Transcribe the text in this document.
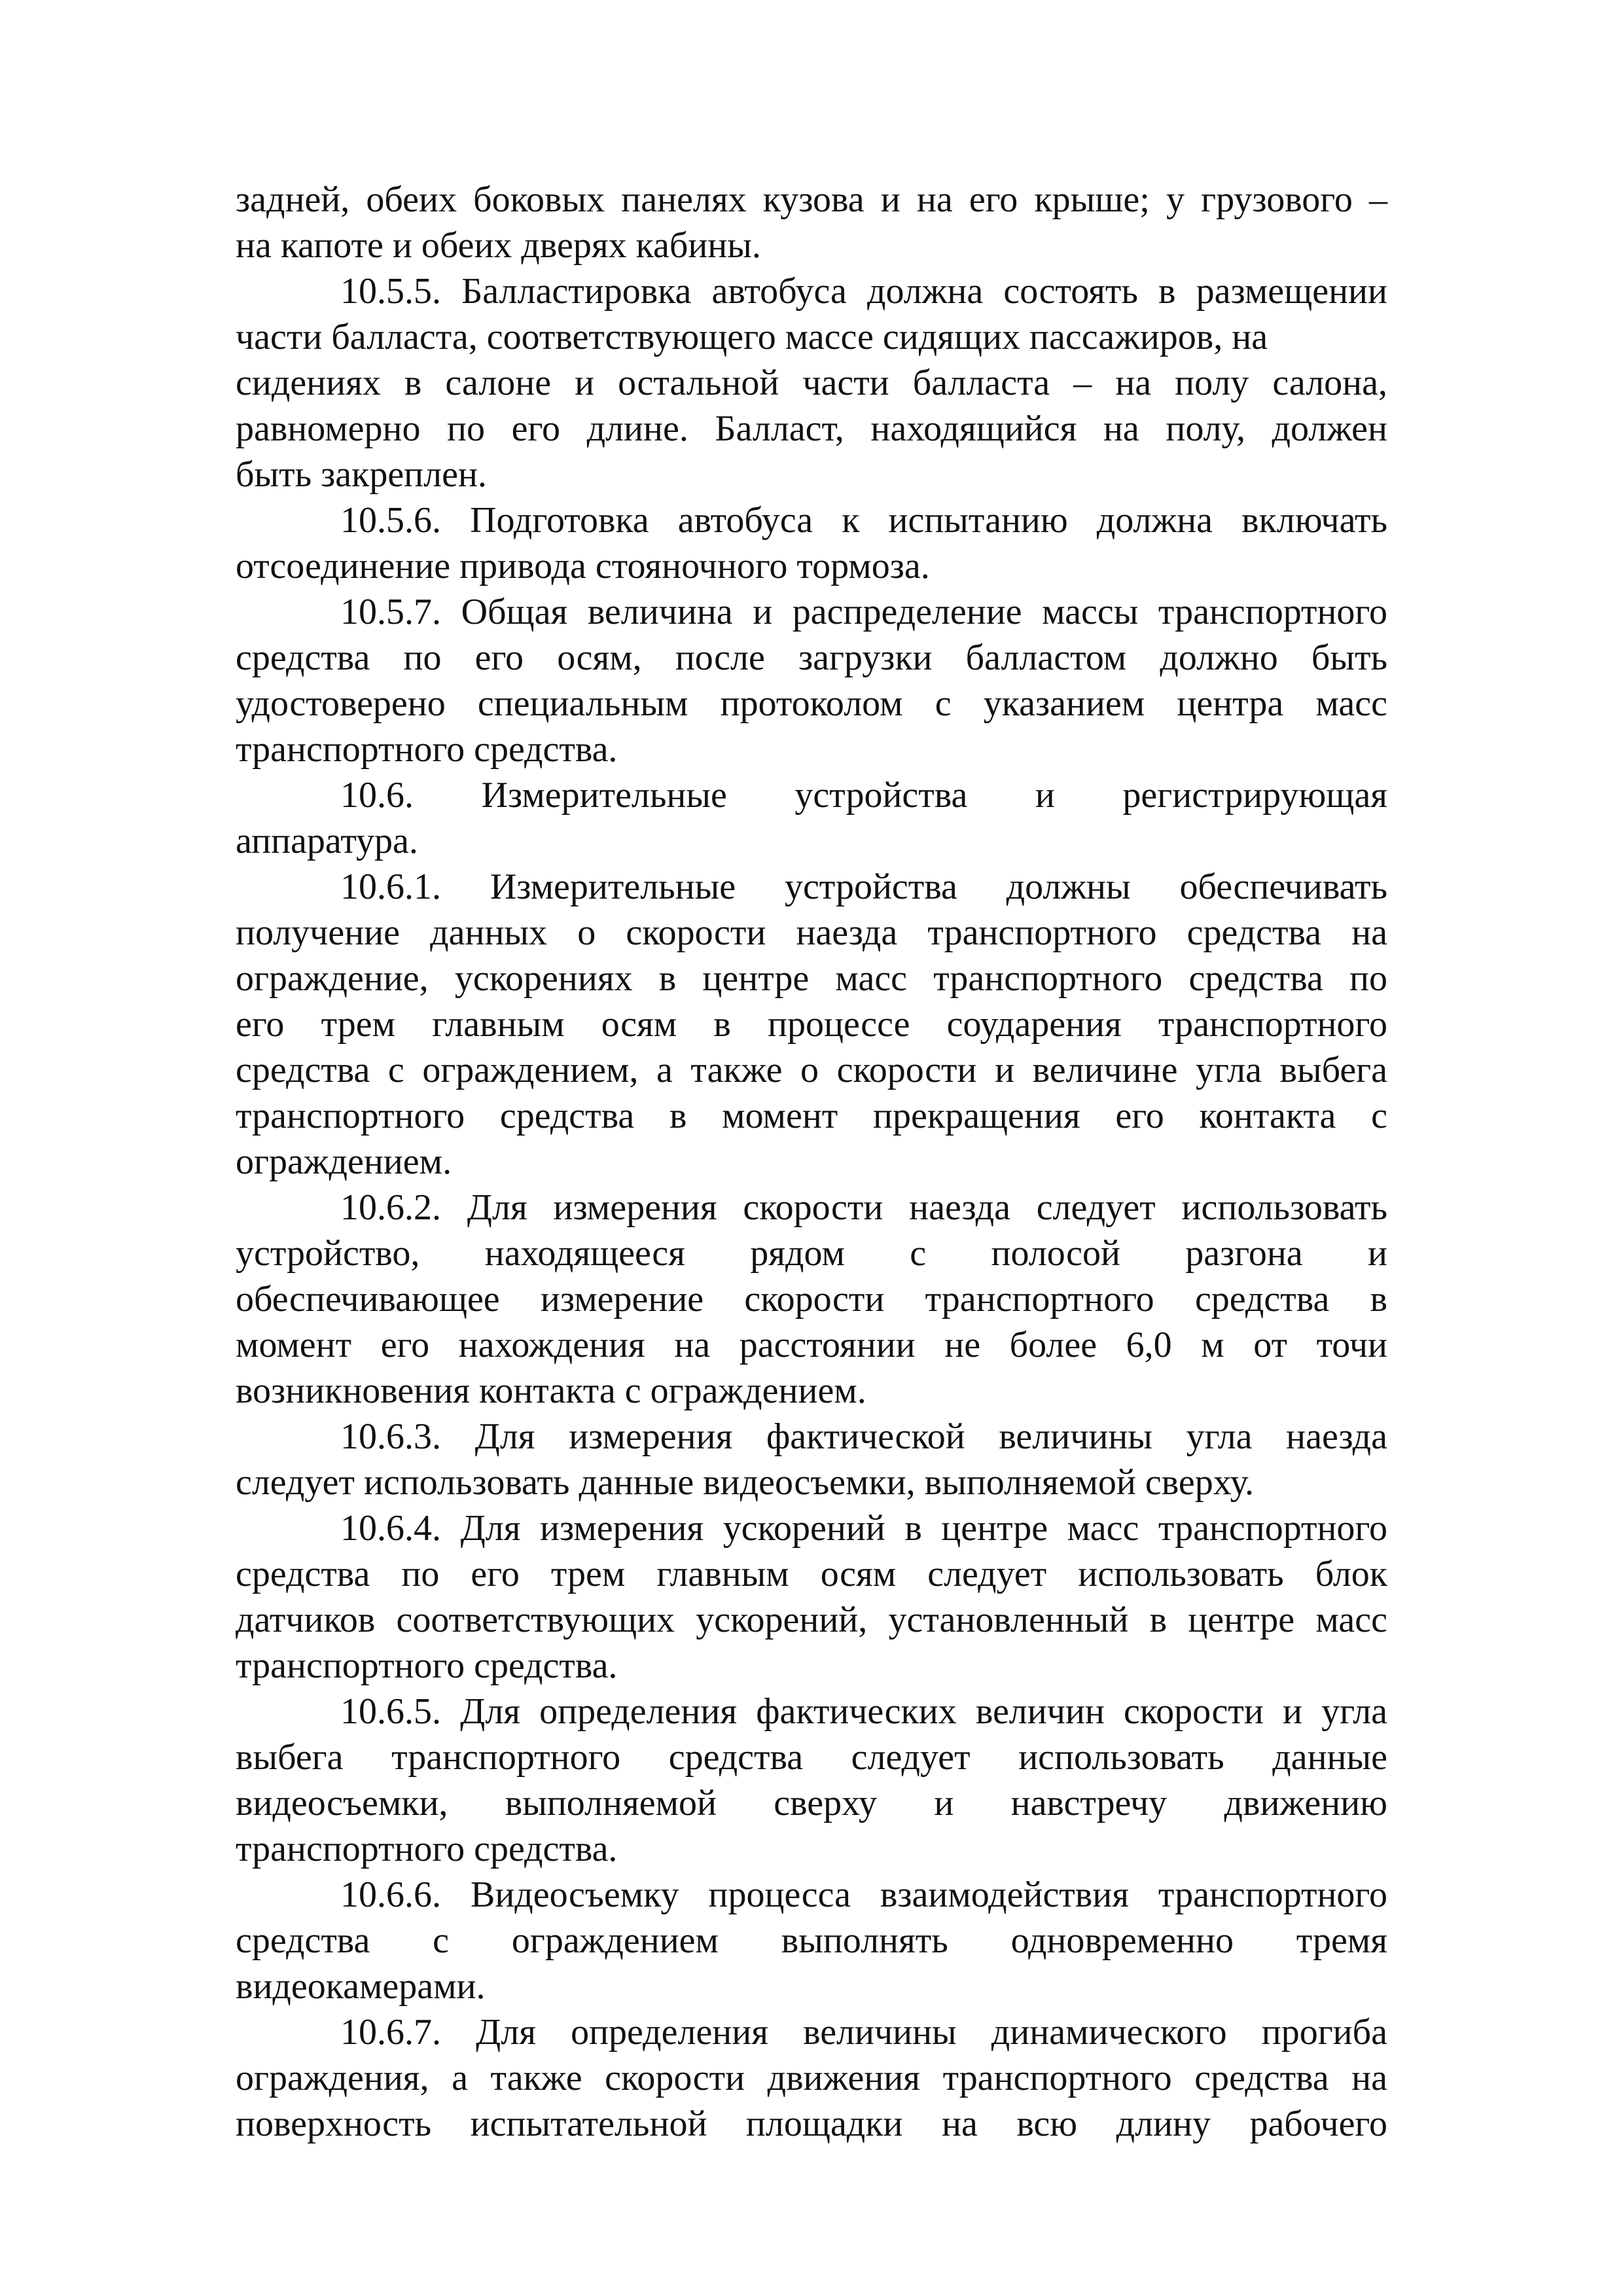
задней, обеих боковых панелях кузова и на его крыше; у грузового –
на капоте и обеих дверях кабины.
10.5.5. Балластировка автобуса должна состоять в размещении
части балласта, соответствующего массе сидящих пассажиров, на
сидениях в салоне и остальной части балласта – на полу салона,
равномерно по его длине. Балласт, находящийся на полу, должен
быть закреплен.
10.5.6. Подготовка автобуса к испытанию должна включать
отсоединение привода стояночного тормоза.
10.5.7. Общая величина и распределение массы транспортного
средства по его осям, после загрузки балластом должно быть
удостоверено специальным протоколом с указанием центра масс
транспортного средства.
10.6. Измерительные устройства и регистрирующая
аппаратура.
10.6.1. Измерительные устройства должны обеспечивать
получение данных о скорости наезда транспортного средства на
ограждение, ускорениях в центре масс транспортного средства по
его трем главным осям в процессе соударения транспортного
средства с ограждением, а также о скорости и величине угла выбега
транспортного средства в момент прекращения его контакта с
ограждением.
10.6.2. Для измерения скорости наезда следует использовать
устройство, находящееся рядом с полосой разгона и
обеспечивающее измерение скорости транспортного средства в
момент его нахождения на расстоянии не более 6,0 м от точи
возникновения контакта с ограждением.
10.6.3. Для измерения фактической величины угла наезда
следует использовать данные видеосъемки, выполняемой сверху.
10.6.4. Для измерения ускорений в центре масс транспортного
средства по его трем главным осям следует использовать блок
датчиков соответствующих ускорений, установленный в центре масс
транспортного средства.
10.6.5. Для определения фактических величин скорости и угла
выбега транспортного средства следует использовать данные
видеосъемки, выполняемой сверху и навстречу движению
транспортного средства.
10.6.6. Видеосъемку процесса взаимодействия транспортного
средства с ограждением выполнять одновременно тремя
видеокамерами.
10.6.7. Для определения величины динамического прогиба
ограждения, а также скорости движения транспортного средства на
поверхность испытательной площадки на всю длину рабочего
